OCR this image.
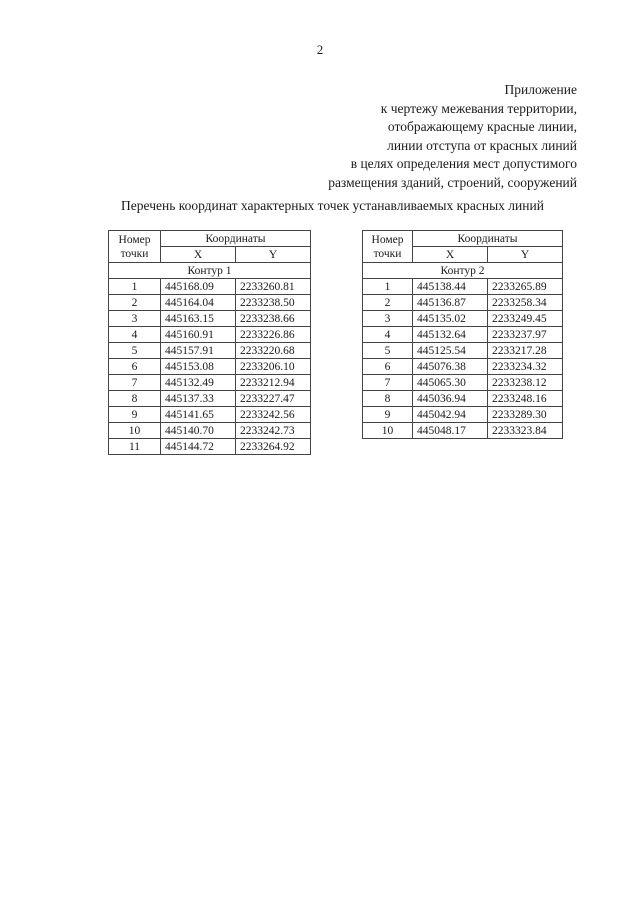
2
Приложение
к чертежу межевания территории,
отображающему красные линии,
линии отступа от красных линий
в целях определения мест допустимого
размещения зданий, строений, сооружений
Перечень координат характерных точек устанавливаемых красных линий
Номер
точки	Координаты	
	X	Y
Контур 1		
1	445168.09	2233260.81
2	445164.04	2233238.50
3	445163.15	2233238.66
4	445160.91	2233226.86
5	445157.91	2233220.68
6	445153.08	2233206.10
7	445132.49	2233212.94
8	445137.33	2233227.47
9	445141.65	2233242.56
10	445140.70	2233242.73
11	445144.72	2233264.92
Номер
точки	Координаты	
	X	Y
Контур 2		
1	445138.44	2233265.89
2	445136.87	2233258.34
3	445135.02	2233249.45
4	445132.64	2233237.97
5	445125.54	2233217.28
6	445076.38	2233234.32
7	445065.30	2233238.12
8	445036.94	2233248.16
9	445042.94	2233289.30
10	445048.17	2233323.84
